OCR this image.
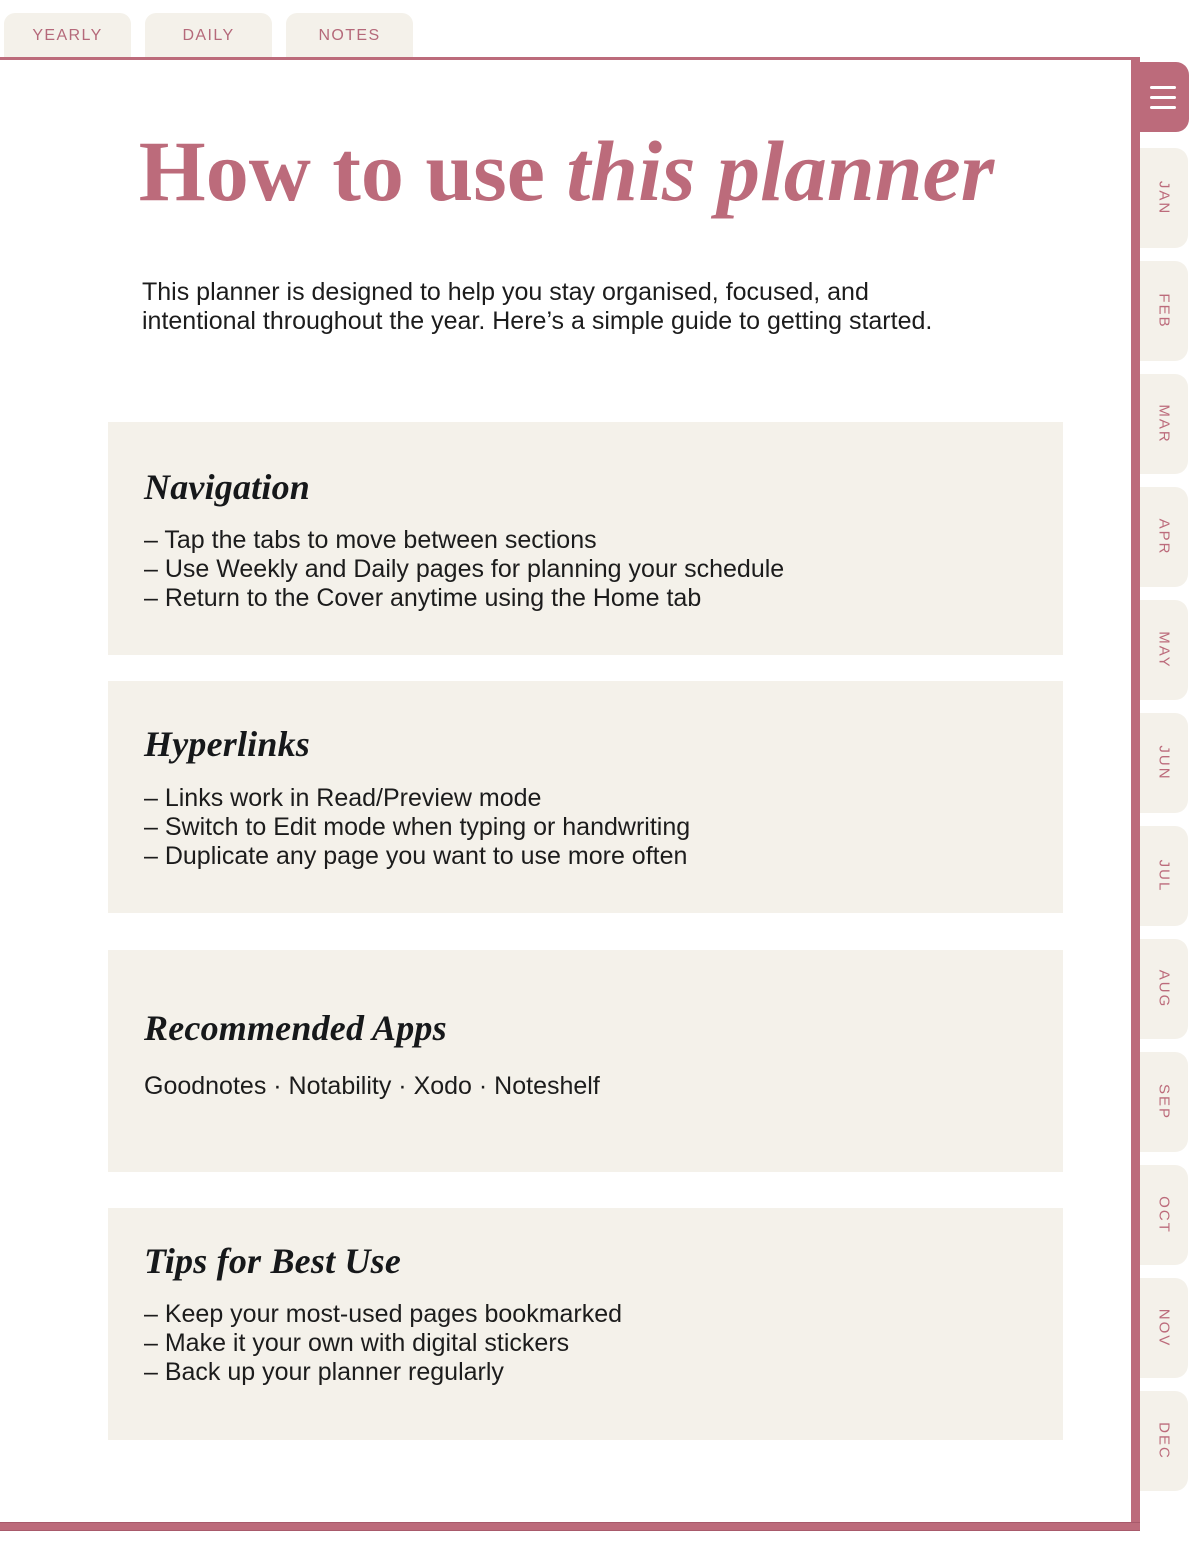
YEARLY	DAILY	NOTES
How to use this planner

This planner is designed to help you stay organised, focused, and intentional throughout the year. Here’s a simple guide to getting started.

Navigation
– Tap the tabs to move between sections
– Use Weekly and Daily pages for planning your schedule
– Return to the Cover anytime using the Home tab
Hyperlinks
– Links work in Read/Preview mode
– Switch to Edit mode when typing or handwriting
– Duplicate any page you want to use more often
Recommended Apps

Goodnotes · Notability · Xodo · Noteshelf

Tips for Best Use
– Keep your most-used pages bookmarked
– Make it your own with digital stickers
– Back up your planner regularly
JAN
FEB
MAR
APR
MAY
JUN
JUL
AUG
SEP
OCT
NOV
DEC
